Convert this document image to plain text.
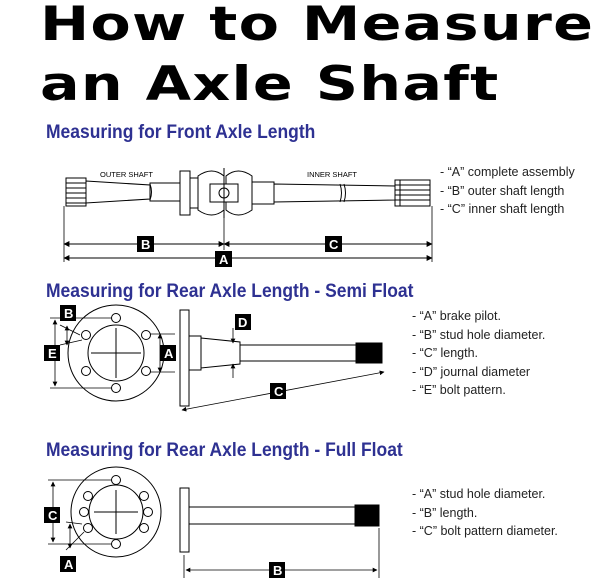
How to Measure
an Axle Shaft
Measuring for Front Axle Length
Measuring for Rear Axle Length - Semi Float
Measuring for Rear Axle Length - Full Float
- “A” complete assembly
- “B” outer shaft length
- “C” inner shaft length
- “A” brake pilot.
- “B” stud hole diameter.
- “C” length.
- “D” journal diameter
- “E” bolt pattern.
- “A” stud hole diameter.
- “B” length.
- “C” bolt pattern diameter.
OUTER SHAFT	INNER SHAFT
B	C
A
B
E	A
D
C
C
A	B
